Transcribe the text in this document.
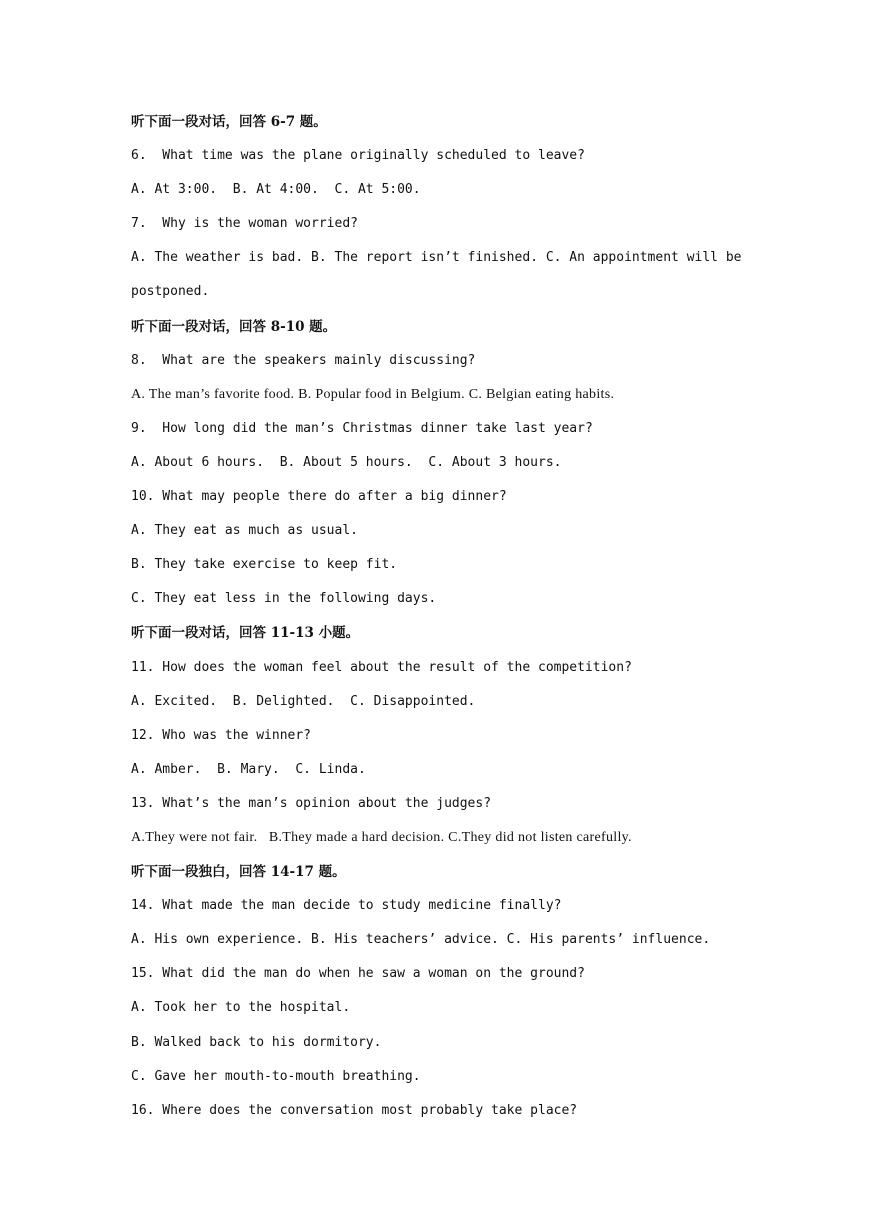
听下面一段对话，回答 6-7 题。
6.  What time was the plane originally scheduled to leave?
A. At 3:00.  B. At 4:00.  C. At 5:00.
7.  Why is the woman worried?
A. The weather is bad. B. The report isn’t finished. C. An appointment will be
postponed.
听下面一段对话，回答 8-10 题。
8.  What are the speakers mainly discussing?
A. The man’s favorite food. B. Popular food in Belgium. C. Belgian eating habits.
9.  How long did the man’s Christmas dinner take last year?
A. About 6 hours.  B. About 5 hours.  C. About 3 hours.
10. What may people there do after a big dinner?
A. They eat as much as usual.
B. They take exercise to keep fit.
C. They eat less in the following days.
听下面一段对话，回答 11-13 小题。
11. How does the woman feel about the result of the competition?
A. Excited.  B. Delighted.  C. Disappointed.
12. Who was the winner?
A. Amber.  B. Mary.  C. Linda.
13. What’s the man’s opinion about the judges?
A.They were not fair.   B.They made a hard decision. C.They did not listen carefully.
听下面一段独白，回答 14-17 题。
14. What made the man decide to study medicine finally?
A. His own experience. B. His teachers’ advice. C. His parents’ influence.
15. What did the man do when he saw a woman on the ground?
A. Took her to the hospital.
B. Walked back to his dormitory.
C. Gave her mouth-to-mouth breathing.
16. Where does the conversation most probably take place?
